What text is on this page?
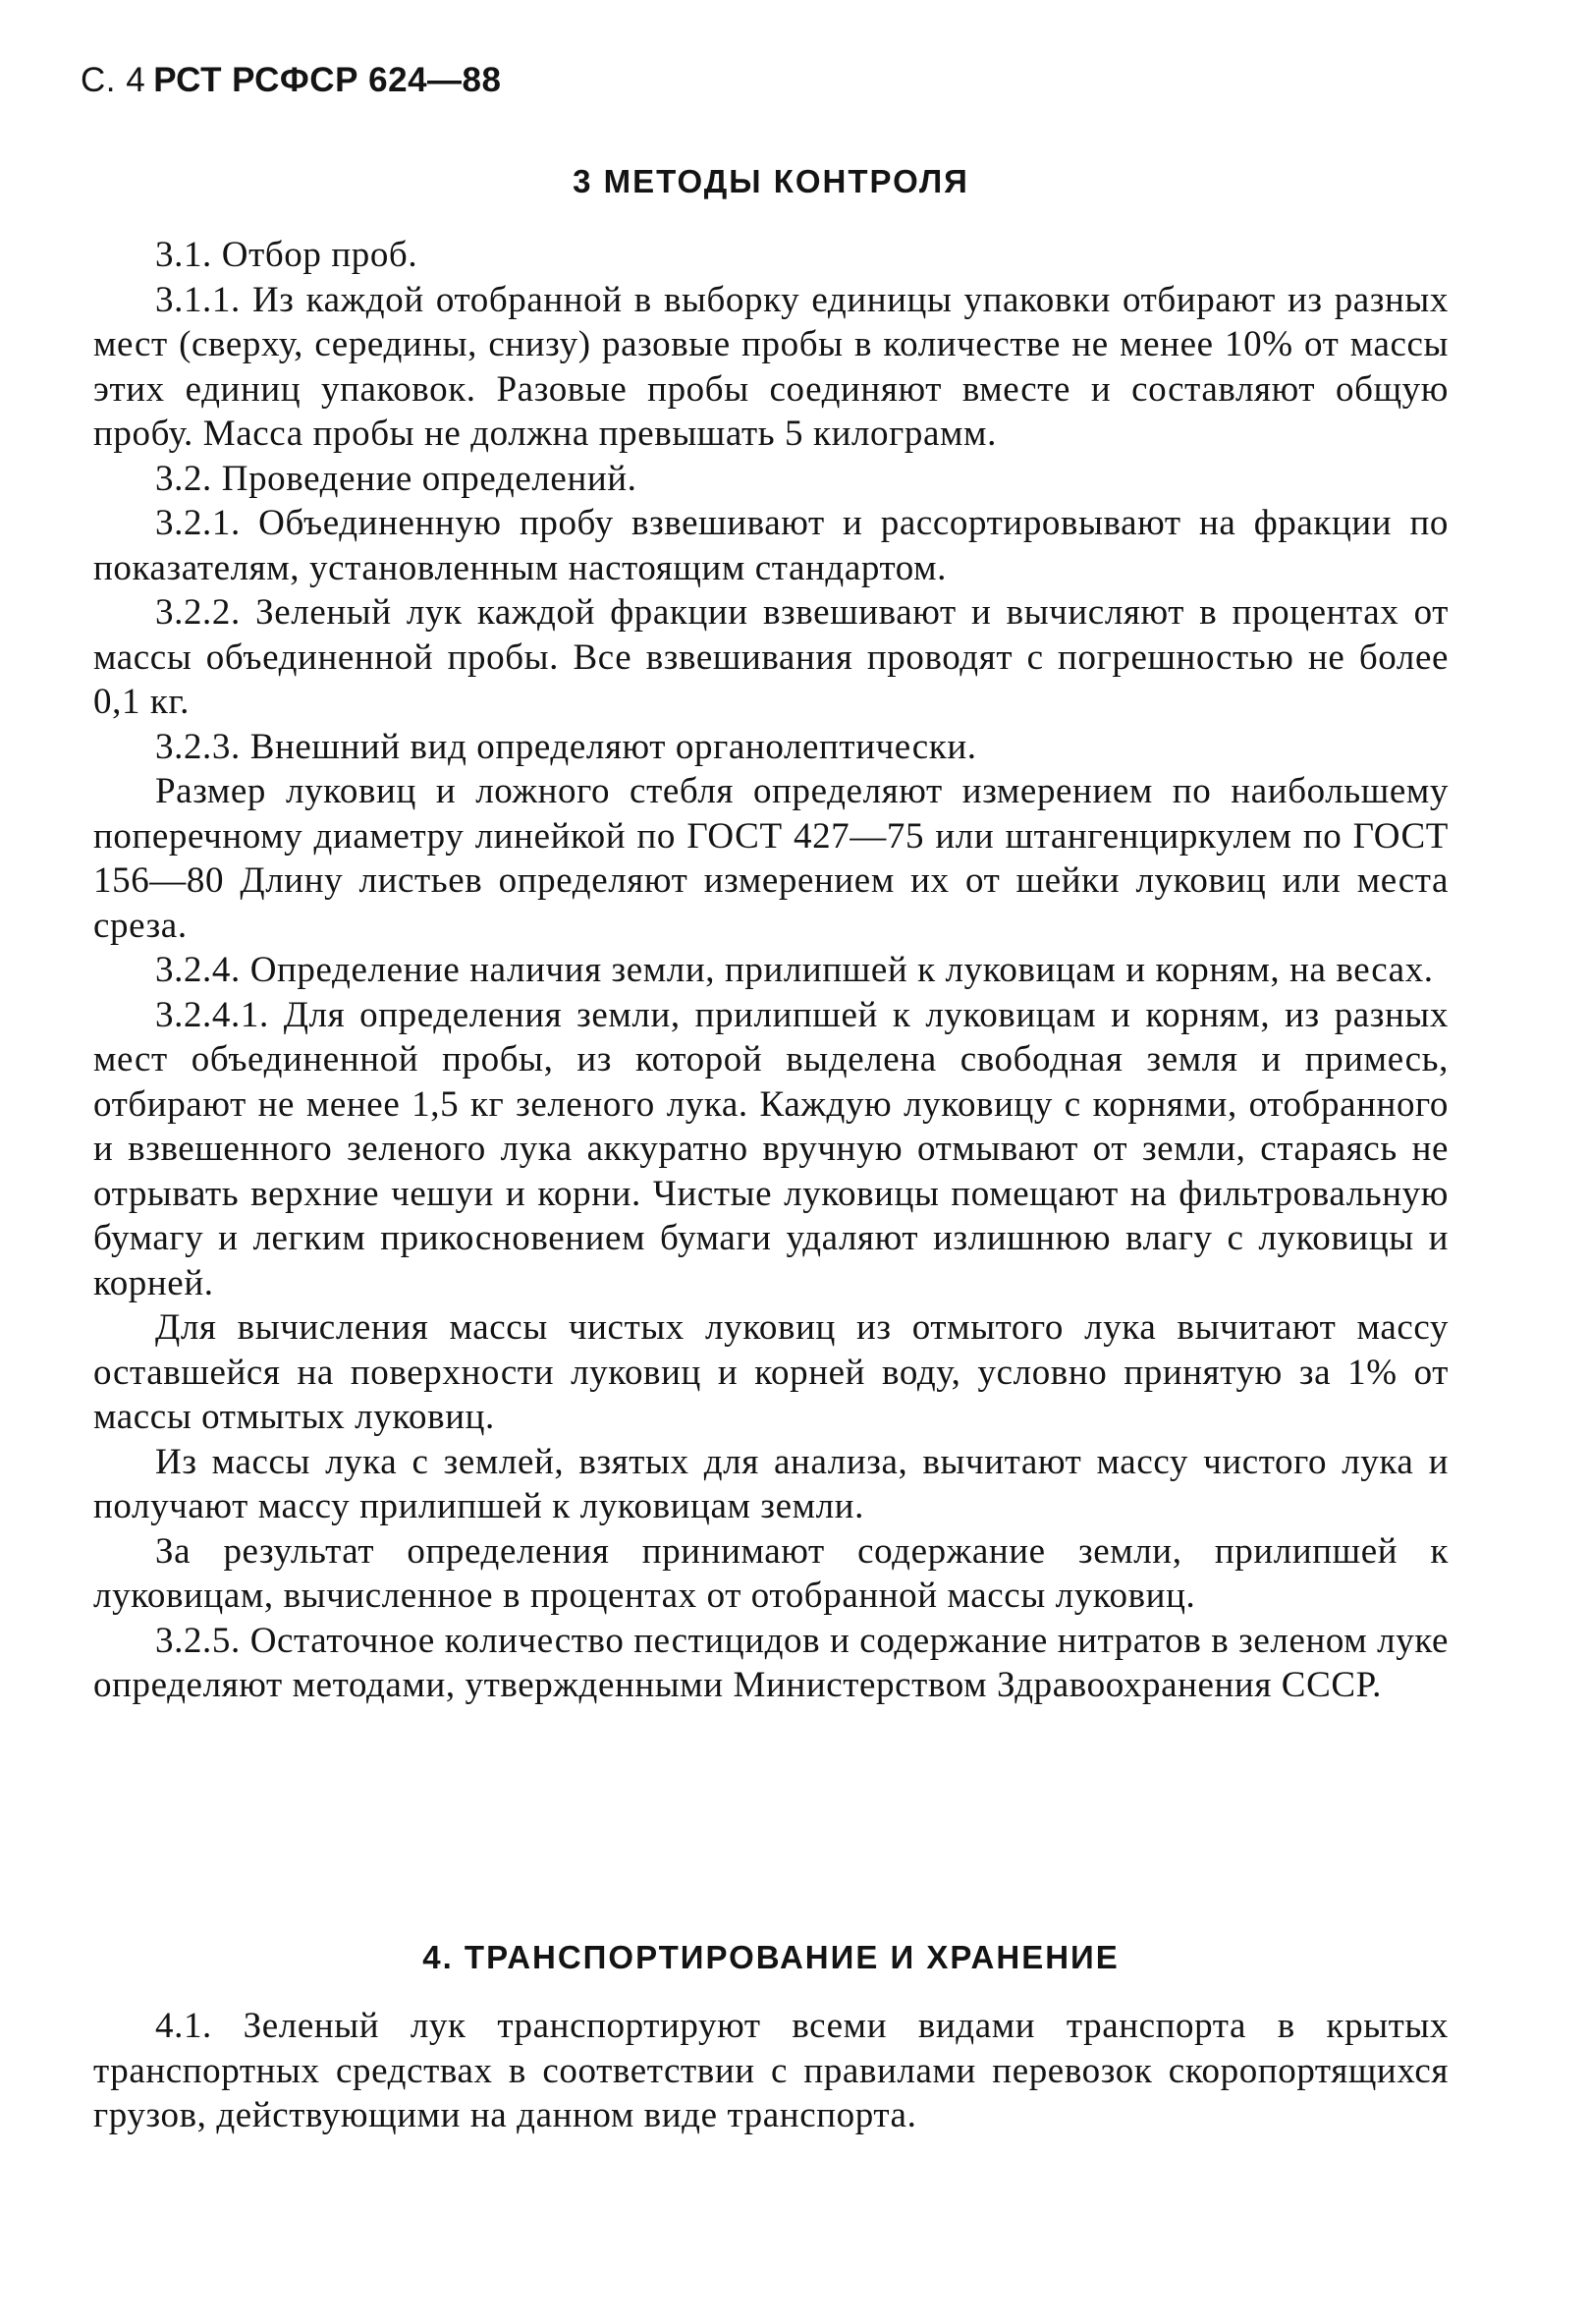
С. 4 РСТ РСФСР 624—88
3 МЕТОДЫ КОНТРОЛЯ

3.1. Отбор проб.

3.1.1. Из каждой отобранной в выборку единицы упаковки отбирают из разных мест (сверху, середины, снизу) разовые пробы в количестве не менее 10% от массы этих единиц упаковок. Разовые пробы соединяют вместе и составляют общую пробу. Масса пробы не должна превышать 5 килограмм.

3.2. Проведение определений.

3.2.1. Объединенную пробу взвешивают и рассортировывают на фракции по показателям, установленным настоящим стандартом.

3.2.2. Зеленый лук каждой фракции взвешивают и вычисляют в процентах от массы объединенной пробы. Все взвешивания проводят с погрешностью не более 0,1 кг.

3.2.3. Внешний вид определяют органолептически.

Размер луковиц и ложного стебля определяют измерением по наибольшему поперечному диаметру линейкой по ГОСТ 427—75 или штангенциркулем по ГОСТ 156—80 Длину листьев определяют измерением их от шейки луковиц или места среза.

3.2.4. Определение наличия земли, прилипшей к луковицам и корням, на весах.

3.2.4.1. Для определения земли, прилипшей к луковицам и корням, из разных мест объединенной пробы, из которой выделена свободная земля и примесь, отбирают не менее 1,5 кг зеленого лука. Каждую луковицу с корнями, отобранного и взвешенного зеленого лука аккуратно вручную отмывают от земли, стараясь не отрывать верхние чешуи и корни. Чистые луковицы помещают на фильтровальную бумагу и легким прикосновением бумаги удаляют излишнюю влагу с луковицы и корней.

Для вычисления массы чистых луковиц из отмытого лука вычитают массу оставшейся на поверхности луковиц и корней воду, условно принятую за 1% от массы отмытых луковиц.

Из массы лука с землей, взятых для анализа, вычитают массу чистого лука и получают массу прилипшей к луковицам земли.

За результат определения принимают содержание земли, прилипшей к луковицам, вычисленное в процентах от отобранной массы луковиц.

3.2.5. Остаточное количество пестицидов и содержание нитратов в зеленом луке определяют методами, утвержденными Министерством Здравоохранения СССР.

4. ТРАНСПОРТИРОВАНИЕ И ХРАНЕНИЕ

4.1. Зеленый лук транспортируют всеми видами транспорта в крытых транспортных средствах в соответствии с правилами перевозок скоропортящихся грузов, действующими на данном виде транспорта.
